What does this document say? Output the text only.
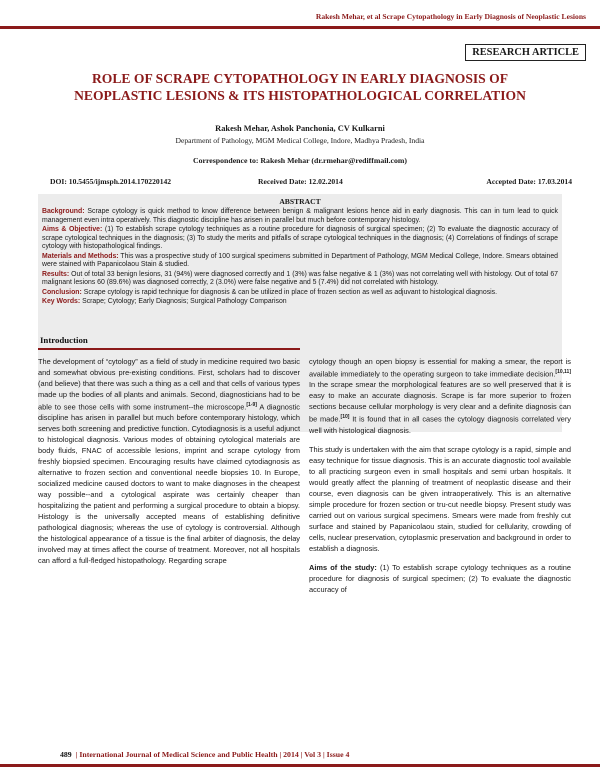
Rakesh Mehar, et al Scrape Cytopathology in Early Diagnosis of Neoplastic Lesions
RESEARCH ARTICLE
ROLE OF SCRAPE CYTOPATHOLOGY IN EARLY DIAGNOSIS OF
NEOPLASTIC LESIONS & ITS HISTOPATHOLOGICAL CORRELATION
Rakesh Mehar, Ashok Panchonia, CV Kulkarni
Department of Pathology, MGM Medical College, Indore, Madhya Pradesh, India
Correspondence to: Rakesh Mehar (dr.rmehar@rediffmail.com)
DOI: 10.5455/ijmsph.2014.170220142	Received Date: 12.02.2014	Accepted Date: 17.03.2014
ABSTRACT

Background: Scrape cytology is quick method to know difference between benign & malignant lesions hence aid in early diagnosis. This can in turn lead to quick management even intra operatively. This diagnostic discipline has arisen in parallel but much before contemporary histology.

Aims & Objective: (1) To establish scrape cytology techniques as a routine procedure for diagnosis of surgical specimen; (2) To evaluate the diagnostic accuracy of scrape cytological techniques in the diagnosis; (3) To study the merits and pitfalls of scrape cytological techniques in the diagnosis; (4) Correlations of findings of scrape cytology with histopathological findings.

Materials and Methods: This was a prospective study of 100 surgical specimens submitted in Department of Pathology, MGM Medical College, Indore. Smears obtained were stained with Papanicolaou Stain & studied.

Results: Out of total 33 benign lesions, 31 (94%) were diagnosed correctly and 1 (3%) was false negative & 1 (3%) was not correlating well with histology. Out of total 67 malignant lesions 60 (89.6%) was diagnosed correctly, 2 (3.0%) were false negative and 5 (7.4%) did not correlated with histology.

Conclusion: Scrape cytology is rapid technique for diagnosis & can be utilized in place of frozen section as well as adjuvant to histological diagnosis.

Key Words: Scrape; Cytology; Early Diagnosis; Surgical Pathology Comparison

Introduction

The development of “cytology” as a field of study in medicine required two basic and somewhat obvious pre-existing conditions. First, scholars had to discover (and believe) that there was such a thing as a cell and that cells of various types made up the bodies of all plants and animals. Second, diagnosticians had to be able to see those cells with some instrument--the microscope.[1-9] A diagnostic discipline has arisen in parallel but much before contemporary histology, which serves both screening and predictive function. Cytodiagnosis is a useful adjunct to histological diagnosis. Various modes of obtaining cytological materials are body fluids, FNAC of accessible lesions, imprint and scrape cytology from freshly biopsied specimen. Encouraging results have claimed cytodiagnosis as alternative to frozen section and conventional needle biopsies 10. In Europe, socialized medicine caused doctors to want to make diagnoses in the cheapest way possible--and a cytological aspirate was certainly cheaper than hospitalizing the patient and performing a surgical procedure to obtain a biopsy. Histology is the universally accepted means of establishing definitive pathological diagnosis; whereas the use of cytology is controversial. Although the histological appearance of a tissue is the final arbiter of diagnosis, the delay involved may at times affect the course of treatment. Moreover, not all hospitals can afford a full-fledged histopathology. Regarding scrape

cytology though an open biopsy is essential for making a smear, the report is available immediately to the operating surgeon to take immediate decision.[10,11] In the scrape smear the morphological features are so well preserved that it is easy to make an accurate diagnosis. Scrape is far more superior to frozen sections because cellular morphology is very clear and a definite diagnosis can be made.[10] It is found that in all cases the cytology diagnosis correlated very well with histological diagnosis.

This study is undertaken with the aim that scrape cytology is a rapid, simple and easy technique for tissue diagnosis. This is an accurate diagnostic tool available to all practicing surgeon even in small hospitals and semi urban hospitals. It would greatly affect the planning of treatment of neoplastic disease and their course, even diagnosis can be given intraoperatively. This is an alternative simple procedure for frozen section or tru-cut needle biopsy. Present study was carried out on various surgical specimens. Smears were made from freshly cut surface and stained by Papanicolaou stain, studied for cellularity, crowding of cells, nuclear preservation, cytoplasmic preservation and background in order to establish a diagnosis.

Aims of the study: (1) To establish scrape cytology techniques as a routine procedure for diagnosis of surgical specimen; (2) To evaluate the diagnostic accuracy of

489 | International Journal of Medical Science and Public Health | 2014 | Vol 3 | Issue 4
